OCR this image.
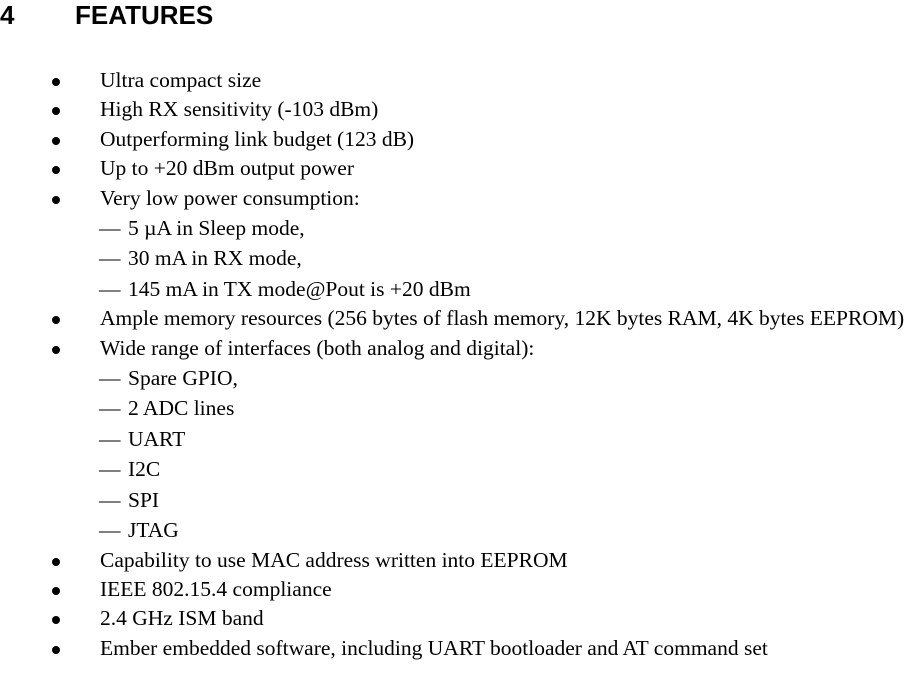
4 FEATURES
Ultra compact size
High RX sensitivity (-103 dBm)
Outperforming link budget (123 dB)
Up to +20 dBm output power
Very low power consumption:
— 5 µA in Sleep mode,
— 30 mA in RX mode,
— 145 mA in TX mode@Pout is +20 dBm
Ample memory resources (256 bytes of flash memory, 12K bytes RAM, 4K bytes EEPROM)
Wide range of interfaces (both analog and digital):
— Spare GPIO,
— 2 ADC lines
— UART
— I2C
— SPI
— JTAG
Capability to use MAC address written into EEPROM
IEEE 802.15.4 compliance
2.4 GHz ISM band
Ember embedded software, including UART bootloader and AT command set
